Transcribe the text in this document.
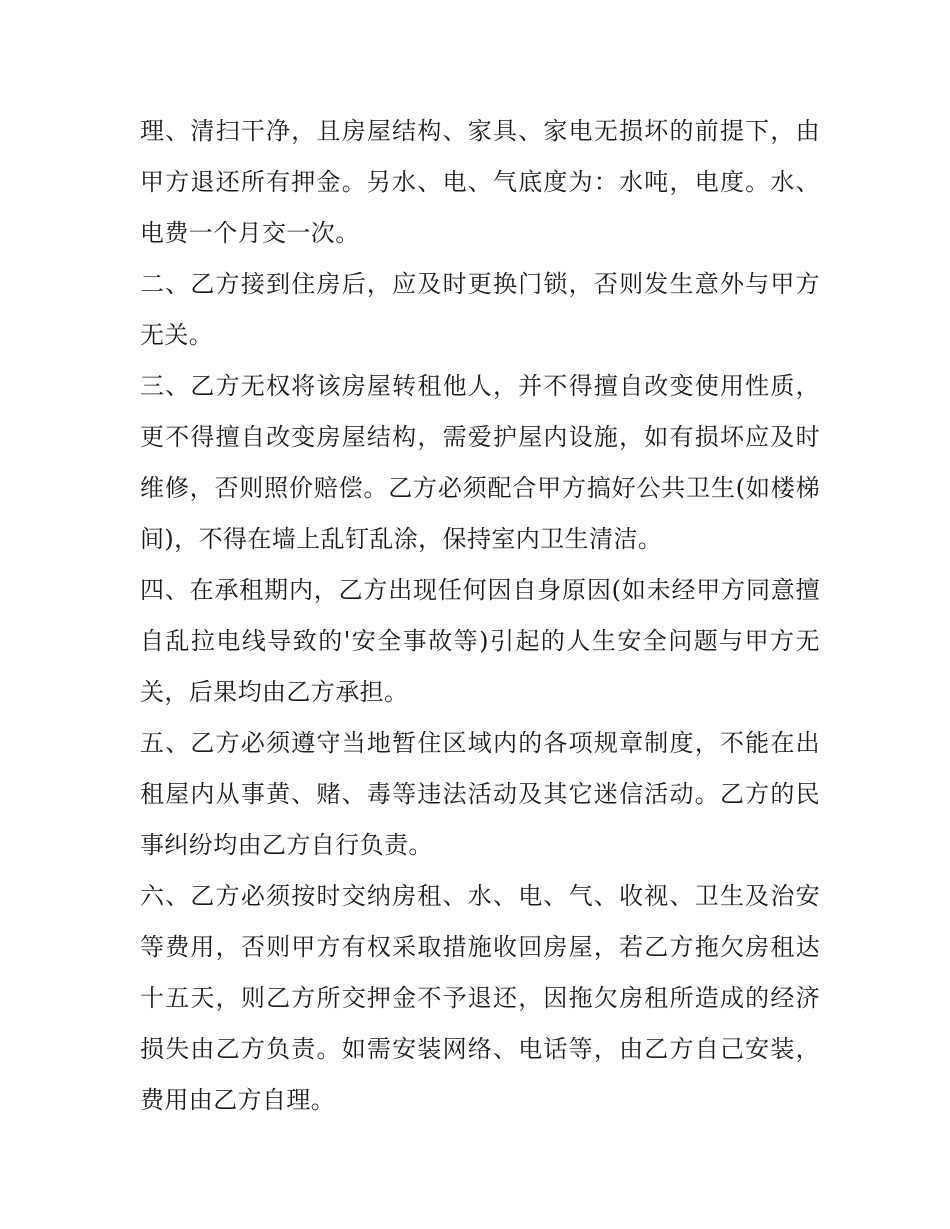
理、清扫干净，且房屋结构、家具、家电无损坏的前提下，由甲方退还所有押金。另水、电、气底度为：水吨，电度。水、电费一个月交一次。

二、乙方接到住房后，应及时更换门锁，否则发生意外与甲方无关。

三、乙方无权将该房屋转租他人，并不得擅自改变使用性质，更不得擅自改变房屋结构，需爱护屋内设施，如有损坏应及时维修，否则照价赔偿。乙方必须配合甲方搞好公共卫生(如楼梯间)，不得在墙上乱钉乱涂，保持室内卫生清洁。

四、在承租期内，乙方出现任何因自身原因(如未经甲方同意擅自乱拉电线导致的'安全事故等)引起的人生安全问题与甲方无关，后果均由乙方承担。

五、乙方必须遵守当地暂住区域内的各项规章制度，不能在出租屋内从事黄、赌、毒等违法活动及其它迷信活动。乙方的民事纠纷均由乙方自行负责。

六、乙方必须按时交纳房租、水、电、气、收视、卫生及治安等费用，否则甲方有权采取措施收回房屋，若乙方拖欠房租达十五天，则乙方所交押金不予退还，因拖欠房租所造成的经济损失由乙方负责。如需安装网络、电话等，由乙方自己安装，费用由乙方自理。
